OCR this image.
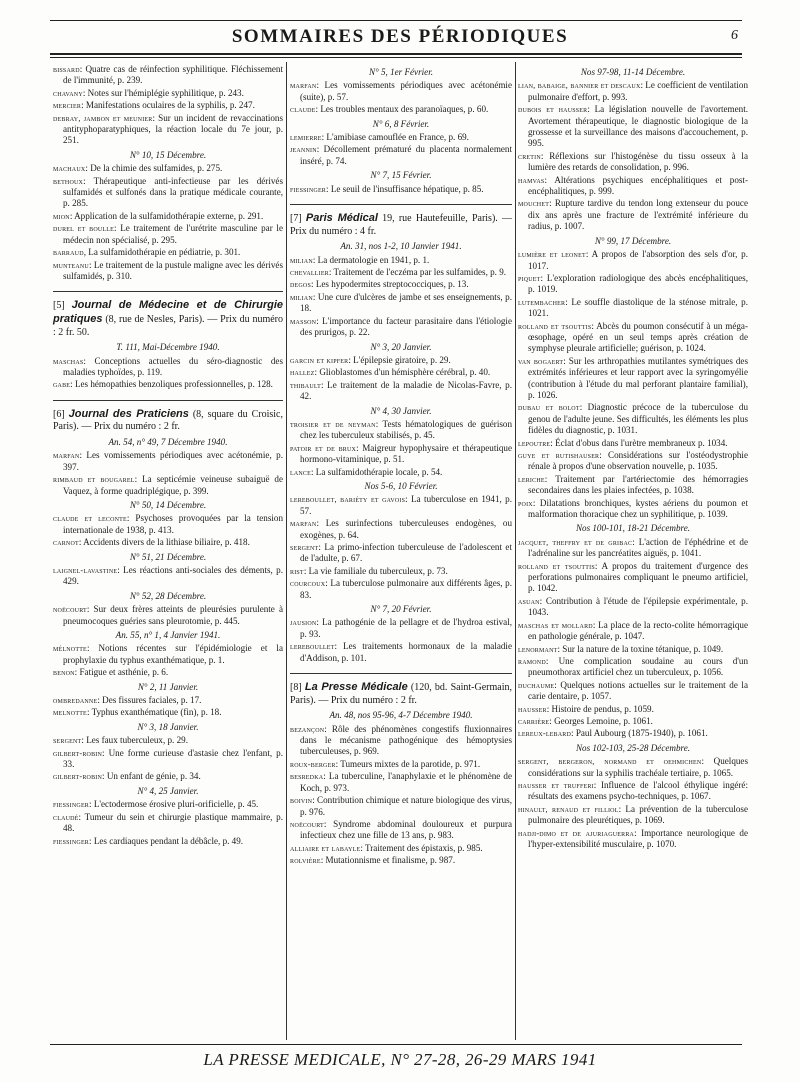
SOMMAIRES DES PÉRIODIQUES	6
bissard: Quatre cas de réinfection syphilitique. Fléchissement de l'immunité, p. 239.
chavany: Notes sur l'hémiplégie syphilitique, p. 243.
mercier: Manifestations oculaires de la syphilis, p. 247.
debray, jambon et meunier: Sur un incident de revaccinations antityphoparatyphiques, la réaction locale du 7e jour, p. 251.
N° 10, 15 Décembre.
machaux: De la chimie des sulfamides, p. 275.
bethoux: Thérapeutique anti-infectieuse par les dérivés sulfamidés et sulfonés dans la pratique médicale courante, p. 285.
mion: Application de la sulfamidothérapie externe, p. 291.
durel et boulle: Le traitement de l'urétrite masculine par le médecin non spécialisé, p. 295.
barraud, La sulfamidothérapie en pédiatrie, p. 301.
munteanu: Le traitement de la pustule maligne avec les dérivés sulfamidés, p. 310.
[5] Journal de Médecine et de Chirurgie pratiques (8, rue de Nesles, Paris). — Prix du numéro : 2 fr. 50.
T. 111, Mai-Décembre 1940.
maschas: Conceptions actuelles du séro-diagnostic des maladies typhoïdes, p. 119.
gabe: Les hémopathies benzoliques professionnelles, p. 128.
[6] Journal des Praticiens (8, square du Croisic, Paris). — Prix du numéro : 2 fr.
An. 54, n° 49, 7 Décembre 1940.
marfan: Les vomissements périodiques avec acétonémie, p. 397.
rimbaud et bougarel: La septicémie veineuse subaiguë de Vaquez, à forme quadriplégique, p. 399.
N° 50, 14 Décembre.
claude et leconte: Psychoses provoquées par la tension internationale de 1938, p. 413.
carnot: Accidents divers de la lithiase biliaire, p. 418.
N° 51, 21 Décembre.
laignel-lavastine: Les réactions anti-sociales des déments, p. 429.
N° 52, 28 Décembre.
noëcourt: Sur deux frères atteints de pleurésies purulente à pneumocoques guéries sans pleurotomie, p. 445.
An. 55, n° 1, 4 Janvier 1941.
mélnotte: Notions récentes sur l'épidémiologie et la prophylaxie du typhus exanthématique, p. 1.
benon: Fatigue et asthénie, p. 6.
N° 2, 11 Janvier.
ombredanne: Des fissures faciales, p. 17.
melnotte: Typhus exanthématique (fin), p. 18.
N° 3, 18 Janvier.
sergent: Les faux tuberculeux, p. 29.
gilbert-robin: Une forme curieuse d'astasie chez l'enfant, p. 33.
gilbert-robin: Un enfant de génie, p. 34.
N° 4, 25 Janvier.
fiessinger: L'ectodermose érosive pluri-orificielle, p. 45.
claudé: Tumeur du sein et chirurgie plastique mammaire, p. 48.
fiessinger: Les cardiaques pendant la débâcle, p. 49.
N° 5, 1er Février.
marfan: Les vomissements périodiques avec acétonémie (suite), p. 57.
claude: Les troubles mentaux des paranoïaques, p. 60.
N° 6, 8 Février.
lemierre: L'amibiase camouflée en France, p. 69.
jeannin: Décollement prématuré du placenta normalement inséré, p. 74.
N° 7, 15 Février.
fiessinger: Le seuil de l'insuffisance hépatique, p. 85.
[7] Paris Médical 19, rue Hautefeuille, Paris). — Prix du numéro : 4 fr.
An. 31, nos 1-2, 10 Janvier 1941.
milian: La dermatologie en 1941, p. 1.
chevallier: Traitement de l'eczéma par les sulfamides, p. 9.
degos: Les hypodermites streptococciques, p. 13.
milian: Une cure d'ulcères de jambe et ses enseignements, p. 18.
masson: L'importance du facteur parasitaire dans l'étiologie des prurigos, p. 22.
N° 3, 20 Janvier.
garcin et kipfer: L'épilepsie giratoire, p. 29.
hallez: Glioblastomes d'un hémisphère cérébral, p. 40.
thibault: Le traitement de la maladie de Nicolas-Favre, p. 42.
N° 4, 30 Janvier.
troisier et de neyman: Tests hématologiques de guérison chez les tuberculeux stabilisés, p. 45.
patoir et de brux: Maigreur hypophysaire et thérapeutique hormono-vitaminique, p. 51.
lance: La sulfamidothérapie locale, p. 54.
Nos 5-6, 10 Février.
lereboullet, bariéty et gavois: La tuberculose en 1941, p. 57.
marfan: Les surinfections tuberculeuses endogènes, ou exogènes, p. 64.
sergent: La primo-infection tuberculeuse de l'adolescent et de l'adulte, p. 67.
rist: La vie familiale du tuberculeux, p. 73.
courcoux: La tuberculose pulmonaire aux différents âges, p. 83.
N° 7, 20 Février.
jausion: La pathogénie de la pellagre et de l'hydroa estival, p. 93.
lereboullet: Les traitements hormonaux de la maladie d'Addison, p. 101.
[8] La Presse Médicale (120, bd. Saint-Germain, Paris). — Prix du numéro : 2 fr.
An. 48, nos 95-96, 4-7 Décembre 1940.
bezançon: Rôle des phénomènes congestifs fluxionnaires dans le mécanisme pathogénique des hémoptysies tuberculeuses, p. 969.
roux-berger: Tumeurs mixtes de la parotide, p. 971.
besredka: La tuberculine, l'anaphylaxie et le phénomène de Koch, p. 973.
boivin: Contribution chimique et nature biologique des virus, p. 976.
noëcourt: Syndrome abdominal douloureux et purpura infectieux chez une fille de 13 ans, p. 983.
alliaire et labayle: Traitement des épistaxis, p. 985.
rolvière: Mutationnisme et finalisme, p. 987.
Nos 97-98, 11-14 Décembre.
lian, babaige, bannier et descaux: Le coefficient de ventilation pulmonaire d'effort, p. 993.
dubois et hausser: La législation nouvelle de l'avortement. Avortement thérapeutique, le diagnostic biologique de la grossesse et la surveillance des maisons d'accouchement, p. 995.
cretin: Réflexions sur l'histogénèse du tissu osseux à la lumière des retards de consolidation, p. 996.
hamvas: Altérations psychiques encéphalitiques et post-encéphalitiques, p. 999.
mouchet: Rupture tardive du tendon long extenseur du pouce dix ans après une fracture de l'extrémité inférieure du radius, p. 1007.
N° 99, 17 Décembre.
lumière et leonet: A propos de l'absorption des sels d'or, p. 1017.
piquet: L'exploration radiologique des abcès encéphalitiques, p. 1019.
lutembacher: Le souffle diastolique de la sténose mitrale, p. 1021.
rolland et tsouttis: Abcès du poumon consécutif à un méga-œsophage, opéré en un seul temps après création de symphyse pleurale artificielle; guérison, p. 1024.
van bogaert: Sur les arthropathies mutilantes symétriques des extrémités inférieures et leur rapport avec la syringomyélie (contribution à l'étude du mal perforant plantaire familial), p. 1026.
dubau et bolot: Diagnostic précoce de la tuberculose du genou de l'adulte jeune. Ses difficultés, les éléments les plus fidèles du diagnostic, p. 1031.
lepoutre: Éclat d'obus dans l'urètre membraneux p. 1034.
guye et rutishauser: Considérations sur l'ostéodystrophie rénale à propos d'une observation nouvelle, p. 1035.
leriche: Traitement par l'artériectomie des hémorragies secondaires dans les plaies infectées, p. 1038.
poix: Dilatations bronchiques, kystes aériens du poumon et malformation thoracique chez un syphilitique, p. 1039.
Nos 100-101, 18-21 Décembre.
jacquet, theffry et de gribac: L'action de l'éphédrine et de l'adrénaline sur les pancréatites aiguës, p. 1041.
rolland et tsouttis: A propos du traitement d'urgence des perforations pulmonaires compliquant le pneumo artificiel, p. 1042.
asuan: Contribution à l'étude de l'épilepsie expérimentale, p. 1043.
maschas et mollard: La place de la recto-colite hémorragique en pathologie générale, p. 1047.
lenormant: Sur la nature de la toxine tétanique, p. 1049.
ramond: Une complication soudaine au cours d'un pneumothorax artificiel chez un tuberculeux, p. 1056.
duchaume: Quelques notions actuelles sur le traitement de la carie dentaire, p. 1057.
hausser: Histoire de pendus, p. 1059.
carrière: Georges Lemoine, p. 1061.
lereux-lebard: Paul Aubourg (1875-1940), p. 1061.
Nos 102-103, 25-28 Décembre.
sergent, bergeron, normand et oehmichen: Quelques considérations sur la syphilis trachéale tertiaire, p. 1065.
hausser et trufferi: Influence de l'alcool éthylique ingéré: résultats des examens psycho-techniques, p. 1067.
hinault, renaud et filliol: La prévention de la tuberculose pulmonaire des pleurétiques, p. 1069.
hadji-dimo et de ajuriaguerra: Importance neurologique de l'hyper-extensibilité musculaire, p. 1070.
LA PRESSE MEDICALE, N° 27-28, 26-29 MARS 1941
